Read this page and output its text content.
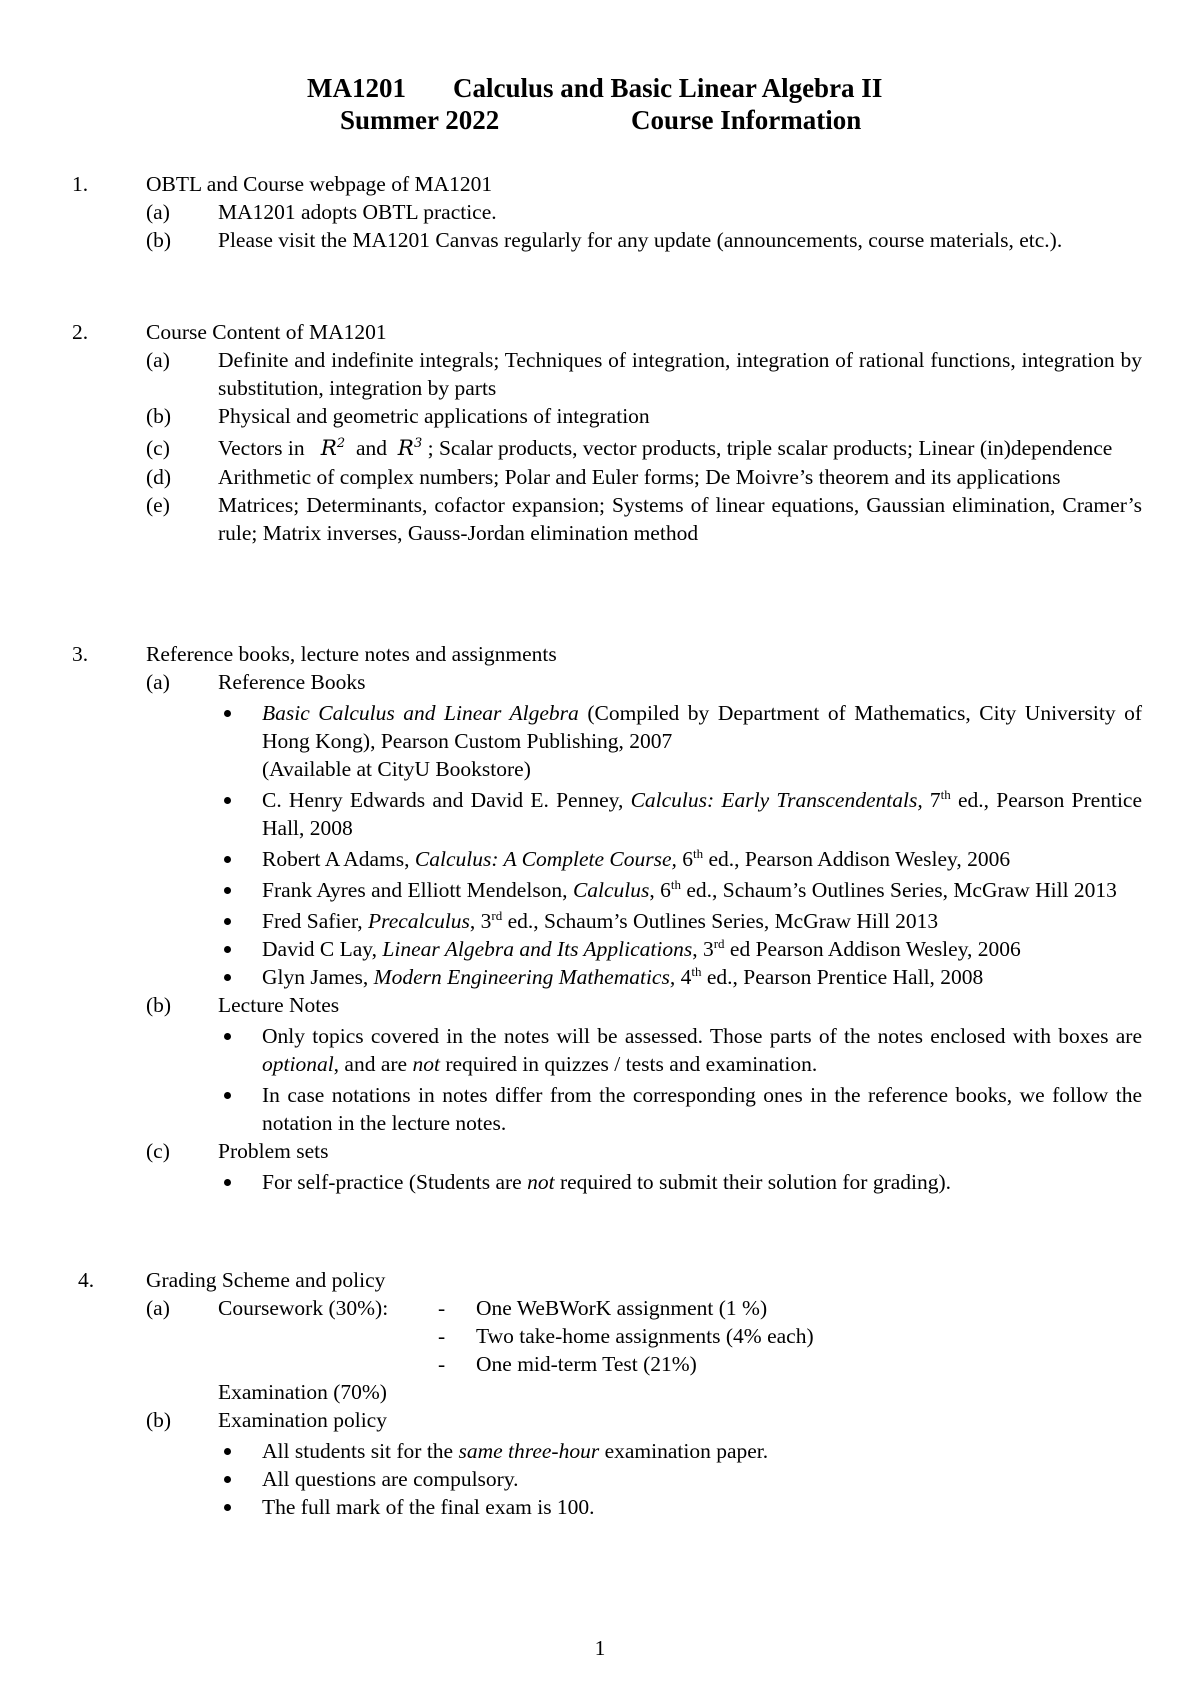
MA1201 Calculus and Basic Linear Algebra II
Summer 2022	Course Information
1.	OBTL and Course webpage of MA1201
(a) MA1201 adopts OBTL practice.
(b) Please visit the MA1201 Canvas regularly for any update (announcements, course materials, etc.).
2.	Course Content of MA1201
(a) Definite and indefinite integrals; Techniques of integration, integration of rational functions, integration by substitution, integration by parts
(b) Physical and geometric applications of integration
(c) Vectors in $R^2$ and $R^3$ ; Scalar products, vector products, triple scalar products; Linear (in)dependence
(d) Arithmetic of complex numbers; Polar and Euler forms; De Moivre’s theorem and its applications
(e) Matrices; Determinants, cofactor expansion; Systems of linear equations, Gaussian elimination, Cramer’s rule; Matrix inverses, Gauss-Jordan elimination method
3.	Reference books, lecture notes and assignments
(a) Reference Books
Basic Calculus and Linear Algebra (Compiled by Department of Mathematics, City University of Hong Kong), Pearson Custom Publishing, 2007
(Available at CityU Bookstore)
C. Henry Edwards and David E. Penney, Calculus: Early Transcendentals, 7th ed., Pearson Prentice Hall, 2008
Robert A Adams, Calculus: A Complete Course, 6th ed., Pearson Addison Wesley, 2006
Frank Ayres and Elliott Mendelson, Calculus, 6th ed., Schaum’s Outlines Series, McGraw Hill 2013
Fred Safier, Precalculus, 3rd ed., Schaum’s Outlines Series, McGraw Hill 2013
David C Lay, Linear Algebra and Its Applications, 3rd ed Pearson Addison Wesley, 2006
Glyn James, Modern Engineering Mathematics, 4th ed., Pearson Prentice Hall, 2008
(b) Lecture Notes
Only topics covered in the notes will be assessed. Those parts of the notes enclosed with boxes are optional, and are not required in quizzes / tests and examination.
In case notations in notes differ from the corresponding ones in the reference books, we follow the notation in the lecture notes.
(c) Problem sets
For self-practice (Students are not required to submit their solution for grading).
4. Grading Scheme and policy
(a) Coursework (30%): - One WeBWorK assignment (1 %)
- Two take-home assignments (4% each)
- One mid-term Test (21%)
Examination (70%)
(b) Examination policy
All students sit for the same three-hour examination paper.
All questions are compulsory.
The full mark of the final exam is 100.
1
